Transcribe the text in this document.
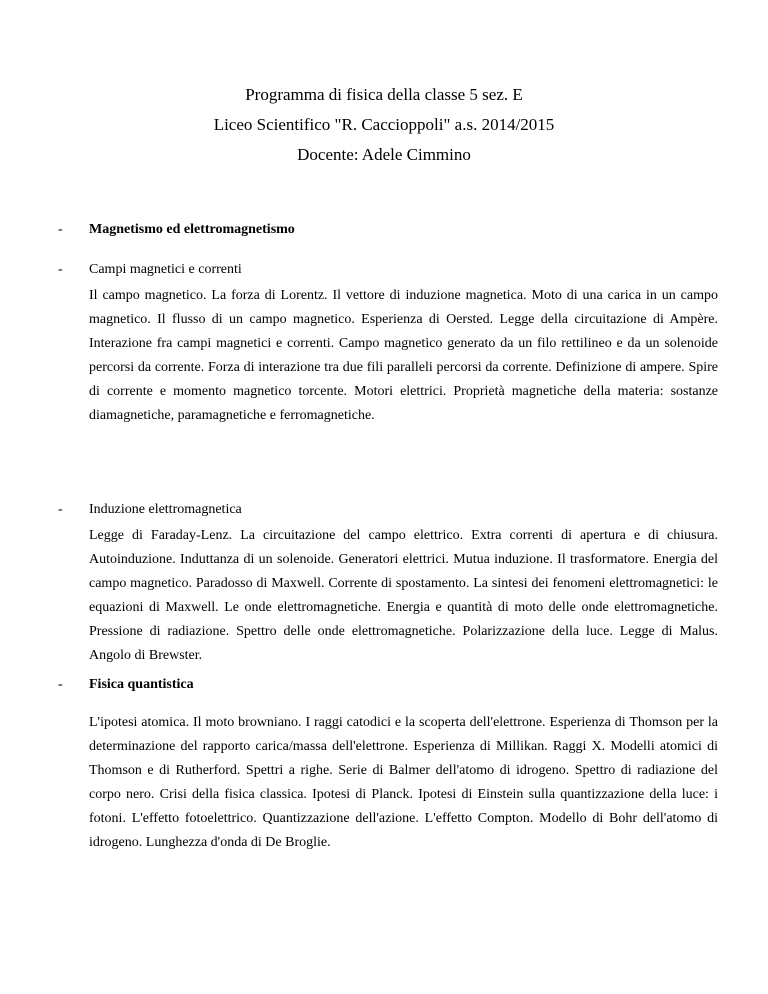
Programma di fisica della classe 5 sez. E
Liceo Scientifico "R. Caccioppoli" a.s. 2014/2015
Docente: Adele Cimmino
- Magnetismo ed elettromagnetismo
- Campi magnetici e correnti
Il campo magnetico. La forza di Lorentz. Il vettore di induzione magnetica. Moto di una carica in un campo magnetico. Il flusso di un campo magnetico. Esperienza di Oersted. Legge della circuitazione di Ampère. Interazione fra campi magnetici e correnti. Campo magnetico generato da un filo rettilineo e da un solenoide percorsi da corrente. Forza di interazione tra due fili paralleli percorsi da corrente. Definizione di ampere. Spire di corrente e momento magnetico torcente. Motori elettrici. Proprietà magnetiche della materia: sostanze diamagnetiche, paramagnetiche e ferromagnetiche.
- Induzione elettromagnetica
Legge di Faraday-Lenz. La circuitazione del campo elettrico. Extra correnti di apertura e di chiusura. Autoinduzione. Induttanza di un solenoide. Generatori elettrici. Mutua induzione. Il trasformatore. Energia del campo magnetico. Paradosso di Maxwell. Corrente di spostamento. La sintesi dei fenomeni elettromagnetici: le equazioni di Maxwell. Le onde elettromagnetiche. Energia e quantità di moto delle onde elettromagnetiche. Pressione di radiazione. Spettro delle onde elettromagnetiche. Polarizzazione della luce. Legge di Malus. Angolo di Brewster.
- Fisica quantistica
L'ipotesi atomica. Il moto browniano. I raggi catodici e la scoperta dell'elettrone. Esperienza di Thomson per la determinazione del rapporto carica/massa dell'elettrone. Esperienza di Millikan. Raggi X. Modelli atomici di Thomson e di Rutherford. Spettri a righe. Serie di Balmer dell'atomo di idrogeno. Spettro di radiazione del corpo nero. Crisi della fisica classica. Ipotesi di Planck. Ipotesi di Einstein sulla quantizzazione della luce: i fotoni. L'effetto fotoelettrico. Quantizzazione dell'azione. L'effetto Compton. Modello di Bohr dell'atomo di idrogeno. Lunghezza d'onda di De Broglie.
